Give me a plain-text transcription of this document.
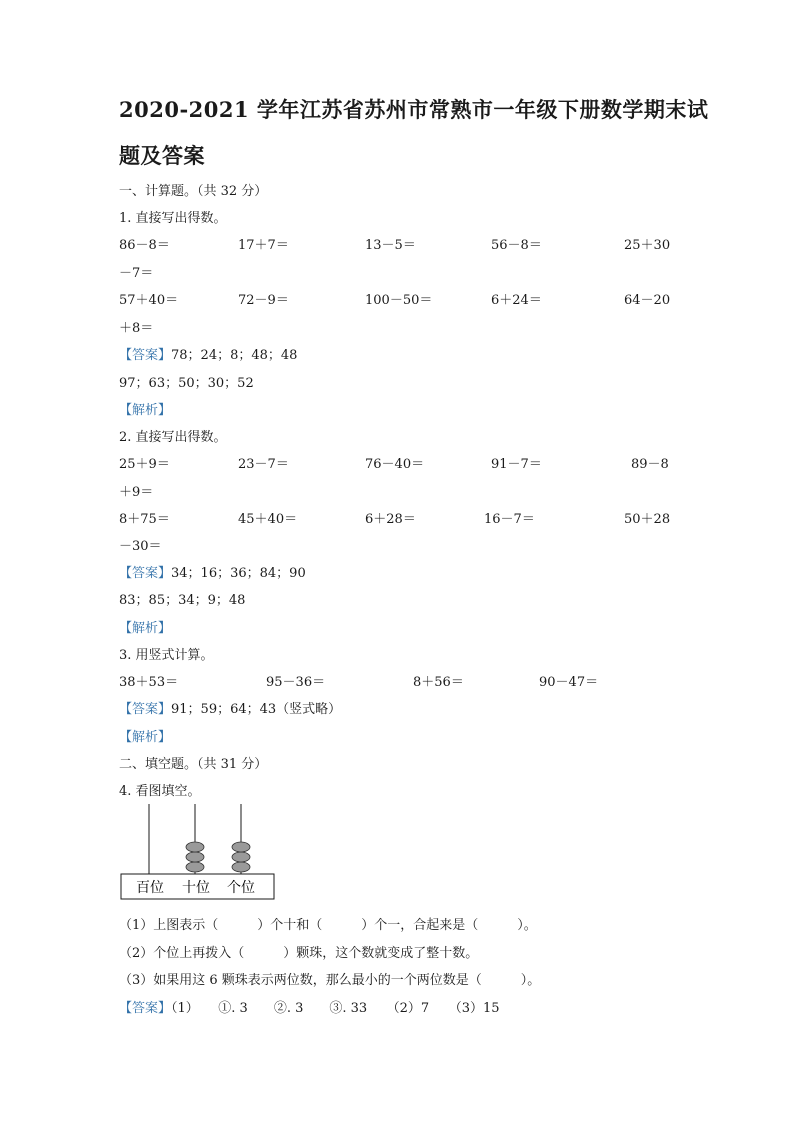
2020-2021 学年江苏省苏州市常熟市一年级下册数学期末试
题及答案
一、计算题。（共 32 分）
1. 直接写出得数。
86－8＝	17＋7＝	13－5＝	56－8＝	25＋30
－7＝
57＋40＝	72－9＝	100－50＝	6＋24＝	64－20
＋8＝
【答案】78；24；8；48；48
97；63；50；30；52
【解析】
2. 直接写出得数。
25＋9＝	23－7＝	76－40＝	91－7＝	89－8
＋9＝
8＋75＝	45＋40＝	6＋28＝	16－7＝	50＋28
－30＝
【答案】34；16；36；84；90
83；85；34；9；48
【解析】
3. 用竖式计算。
38＋53＝	95－36＝	8＋56＝	90－47＝
【答案】91；59；64；43（竖式略）
【解析】
二、填空题。（共 31 分）
4. 看图填空。
百位 十位 个位
（1）上图表示（　　　）个十和（　　　）个一，合起来是（　　　）。
（2）个位上再拨入（　　　）颗珠，这个数就变成了整十数。
（3）如果用这 6 颗珠表示两位数，那么最小的一个两位数是（　　　）。
【答案】（1）　　①. 3　　②. 3　　③. 33　　（2）7　　（3）15
